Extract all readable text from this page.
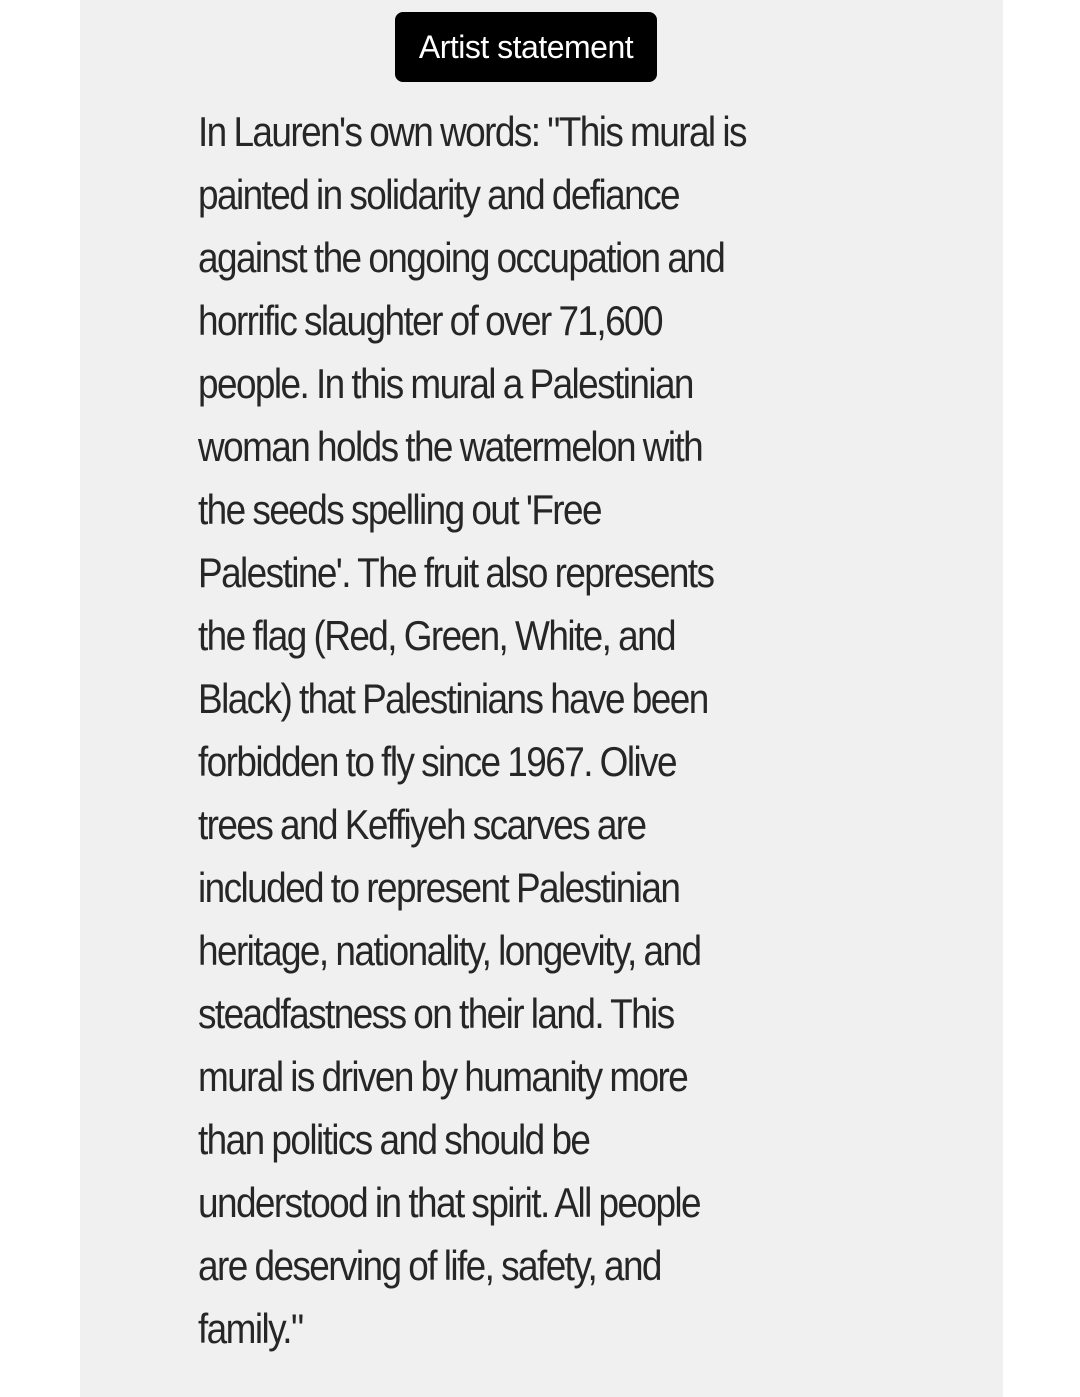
Artist statement
In Lauren's own words: "This mural is
painted in solidarity and defiance
against the ongoing occupation and
horrific slaughter of over 71,600
people. In this mural a Palestinian
woman holds the watermelon with
the seeds spelling out 'Free
Palestine'. The fruit also represents
the flag (Red, Green, White, and
Black) that Palestinians have been
forbidden to fly since 1967. Olive
trees and Keffiyeh scarves are
included to represent Palestinian
heritage, nationality, longevity, and
steadfastness on their land. This
mural is driven by humanity more
than politics and should be
understood in that spirit. All people
are deserving of life, safety, and
family."
